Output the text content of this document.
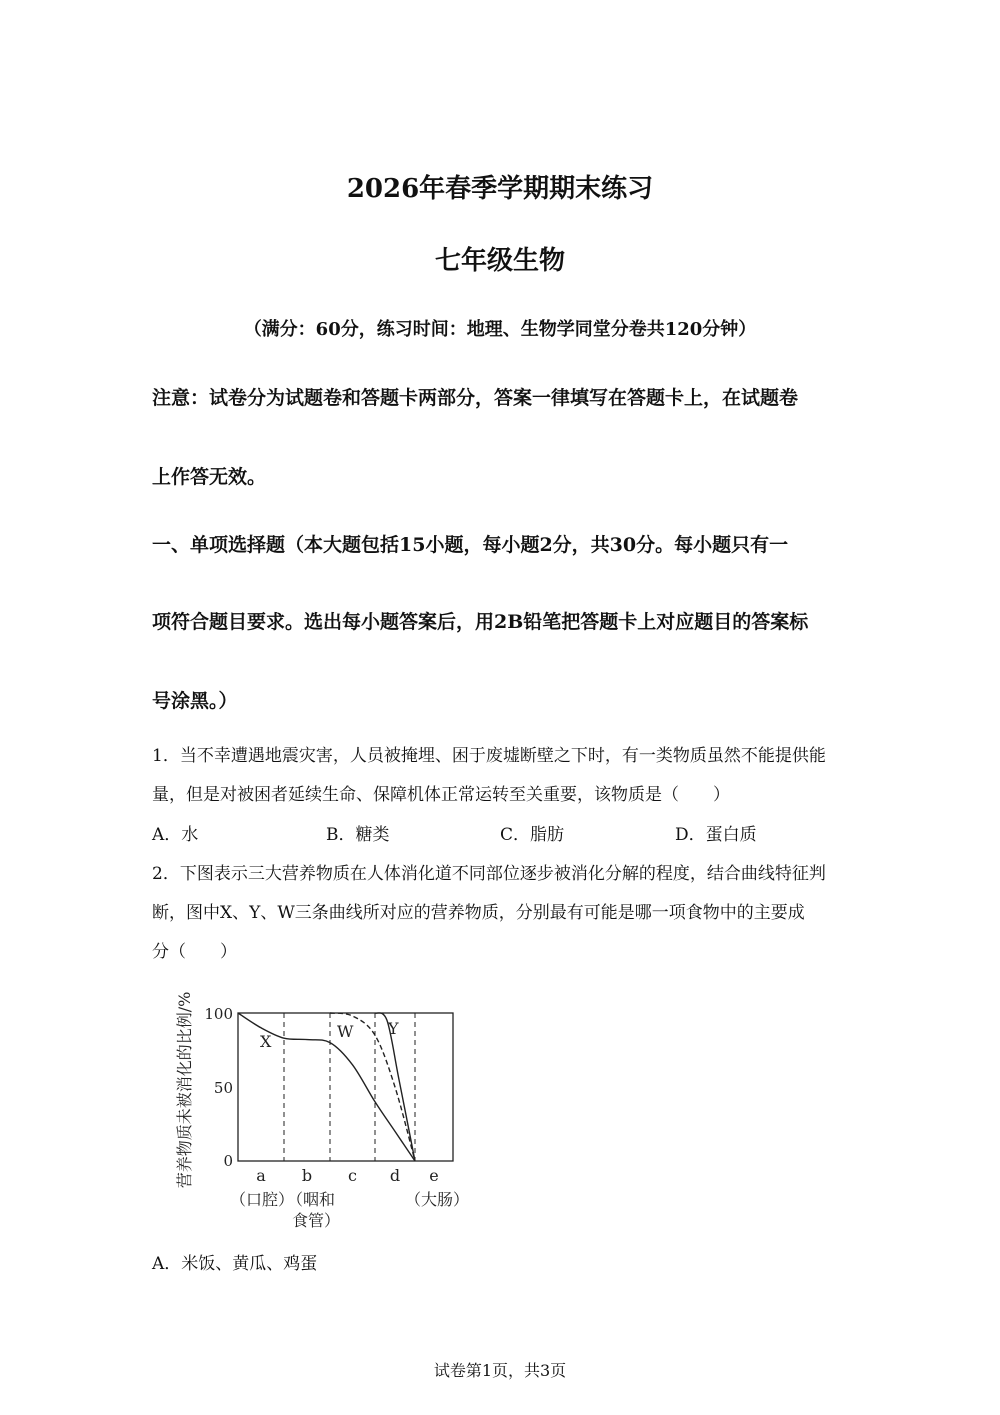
2026年春季学期期末练习
七年级生物
（满分：60分，练习时间：地理、生物学同堂分卷共120分钟）
注意：试卷分为试题卷和答题卡两部分，答案一律填写在答题卡上，在试题卷
上作答无效。
一、单项选择题（本大题包括15小题，每小题2分，共30分。每小题只有一
项符合题目要求。选出每小题答案后，用2B铅笔把答题卡上对应题目的答案标
号涂黑。）
1．当不幸遭遇地震灾害，人员被掩埋、困于废墟断壁之下时，有一类物质虽然不能提供能
量，但是对被困者延续生命、保障机体正常运转至关重要，该物质是（　　）
A．水	B．糖类	C．脂肪	D．蛋白质
2．下图表示三大营养物质在人体消化道不同部位逐步被消化分解的程度，结合曲线特征判
断，图中X、Y、W三条曲线所对应的营养物质，分别最有可能是哪一项食物中的主要成
分（　　）
营养物质未被消化的比例/% 100
50
0
X
W Y
a b c d e
（口腔）
（咽和
食管）
（大肠）
A．米饭、黄瓜、鸡蛋
试卷第1页，共3页
